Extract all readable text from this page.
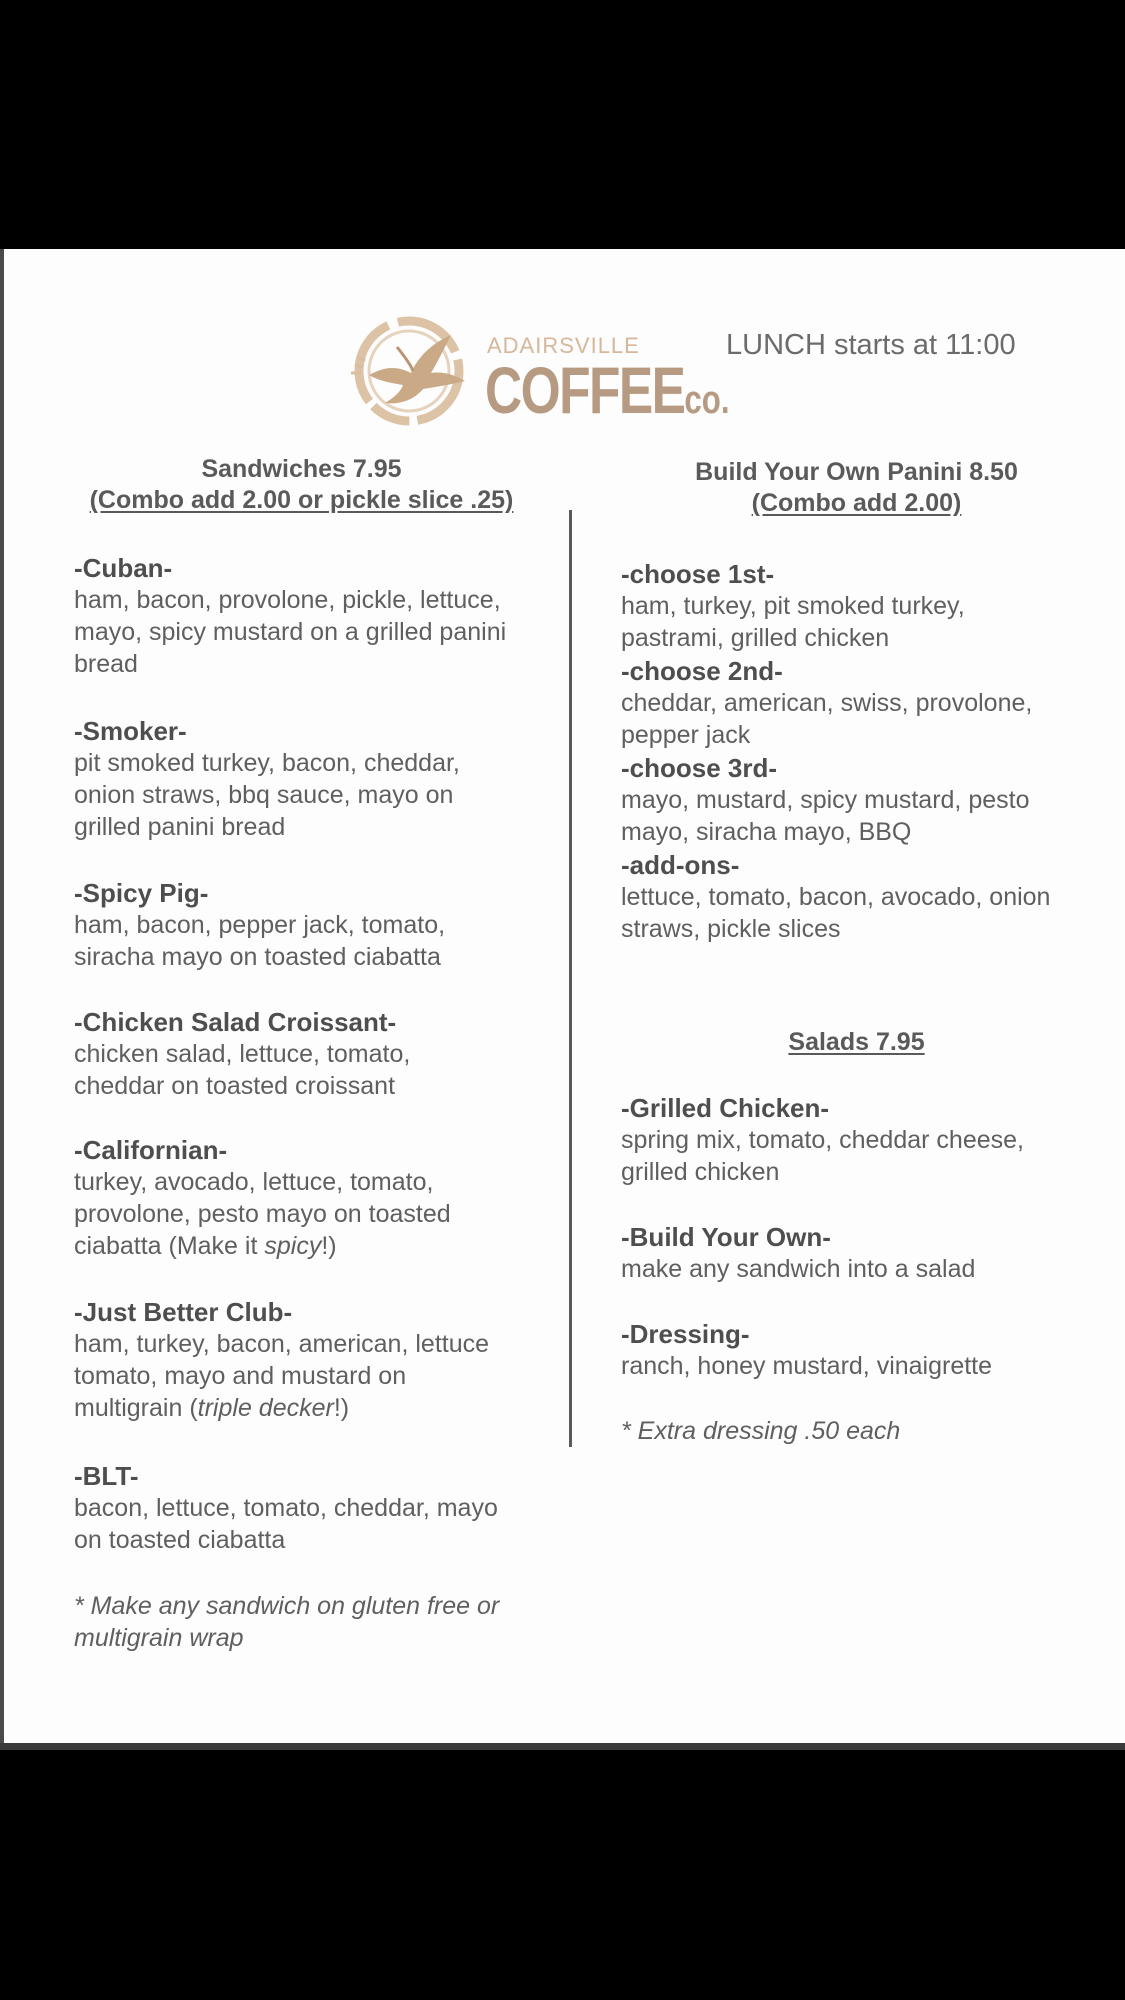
ADAIRSVILLE
COFFEEco.
LUNCH starts at 11:00
Sandwiches 7.95
(Combo add 2.00 or pickle slice .25)
-Cuban-
ham, bacon, provolone, pickle, lettuce,
mayo, spicy mustard on a grilled panini
bread
-Smoker-
pit smoked turkey, bacon, cheddar,
onion straws, bbq sauce, mayo on
grilled panini bread
-Spicy Pig-
ham, bacon, pepper jack, tomato,
siracha mayo on toasted ciabatta
-Chicken Salad Croissant-
chicken salad, lettuce, tomato,
cheddar on toasted croissant
-Californian-
turkey, avocado, lettuce, tomato,
provolone, pesto mayo on toasted
ciabatta (Make it spicy!)
-Just Better Club-
ham, turkey, bacon, american, lettuce
tomato, mayo and mustard on
multigrain (triple decker!)
-BLT-
bacon, lettuce, tomato, cheddar, mayo
on toasted ciabatta
* Make any sandwich on gluten free or
multigrain wrap
Build Your Own Panini 8.50
(Combo add 2.00)
-choose 1st-
ham, turkey, pit smoked turkey,
pastrami, grilled chicken
-choose 2nd-
cheddar, american, swiss, provolone,
pepper jack
-choose 3rd-
mayo, mustard, spicy mustard, pesto
mayo, siracha mayo, BBQ
-add-ons-
lettuce, tomato, bacon, avocado, onion
straws, pickle slices
Salads 7.95
-Grilled Chicken-
spring mix, tomato, cheddar cheese,
grilled chicken
-Build Your Own-
make any sandwich into a salad
-Dressing-
ranch, honey mustard, vinaigrette
* Extra dressing .50 each
